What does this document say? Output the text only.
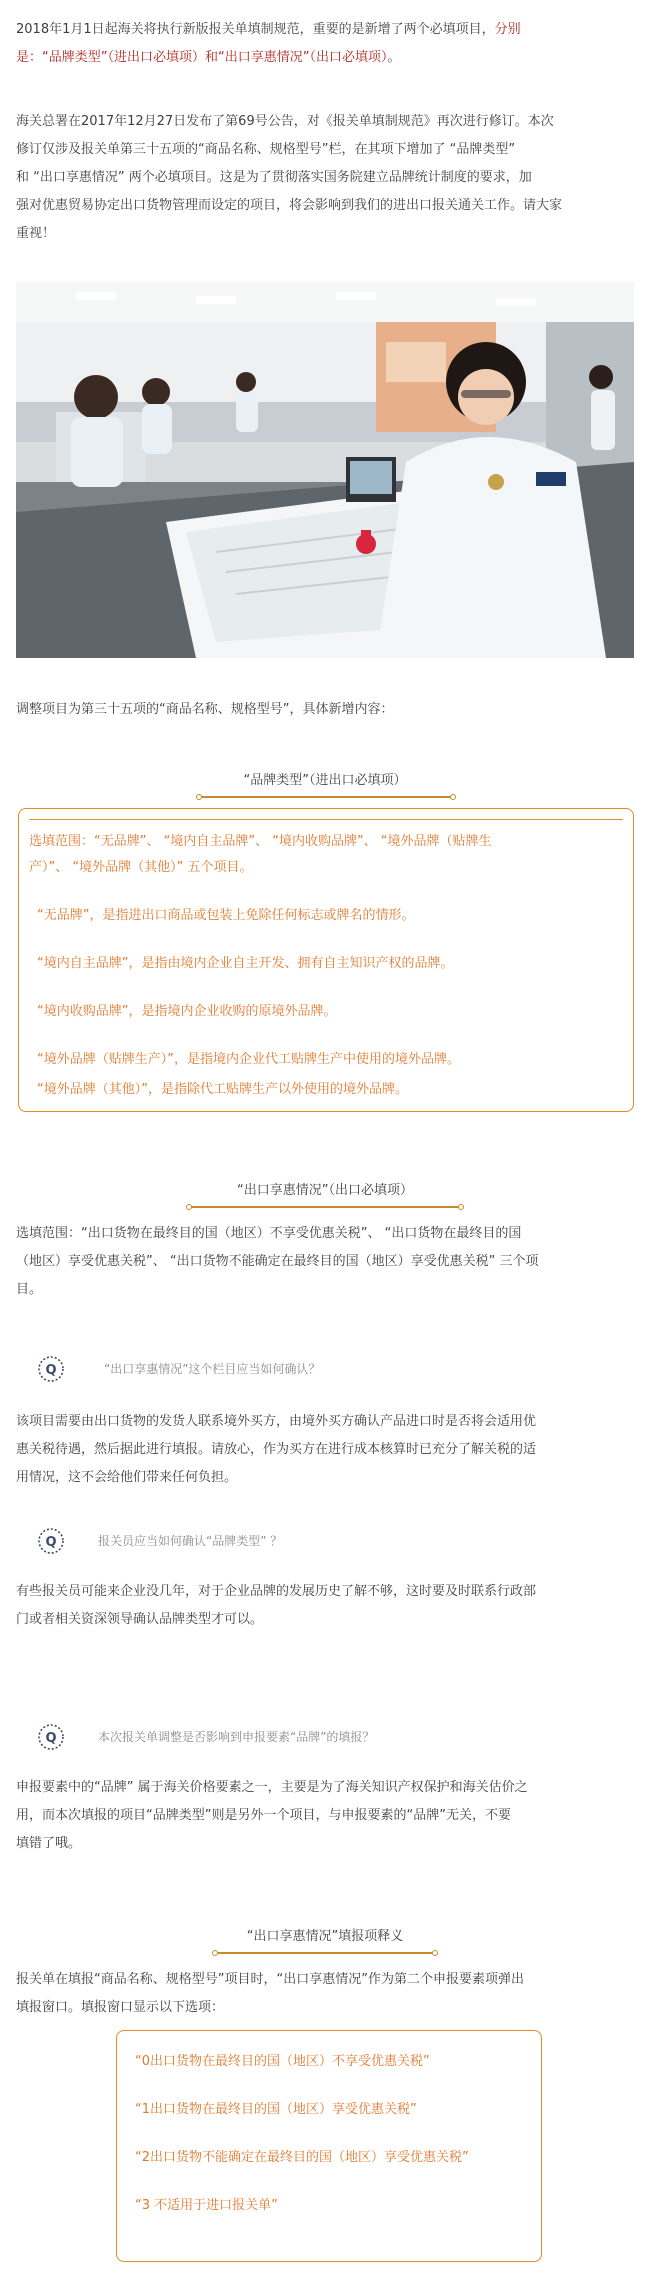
2018年1月1日起海关将执行新版报关单填制规范，重要的是新增了两个必填项目，分别
是：“品牌类型”（进出口必填项）和“出口享惠情况”（出口必填项）。
海关总署在2017年12月27日发布了第69号公告，对《报关单填制规范》再次进行修订。本次
修订仅涉及报关单第三十五项的“商品名称、规格型号”栏，在其项下增加了 “品牌类型”
和 “出口享惠情况” 两个必填项目。这是为了贯彻落实国务院建立品牌统计制度的要求，加
强对优惠贸易协定出口货物管理而设定的项目，将会影响到我们的进出口报关通关工作。请大家
重视！
调整项目为第三十五项的“商品名称、规格型号”，具体新增内容：
“品牌类型”（进出口必填项）
选填范围：“无品牌”、 “境内自主品牌”、 “境内收购品牌”、 “境外品牌（贴牌生
产）”、 “境外品牌（其他）” 五个项目。
“无品牌”，是指进出口商品或包装上免除任何标志或牌名的情形。
“境内自主品牌”，是指由境内企业自主开发、拥有自主知识产权的品牌。
“境内收购品牌”，是指境内企业收购的原境外品牌。
“境外品牌（贴牌生产）”，是指境内企业代工贴牌生产中使用的境外品牌。
“境外品牌（其他）”，是指除代工贴牌生产以外使用的境外品牌。
“出口享惠情况”（出口必填项）
选填范围：“出口货物在最终目的国（地区）不享受优惠关税”、 “出口货物在最终目的国
（地区）享受优惠关税”、 “出口货物不能确定在最终目的国（地区）享受优惠关税” 三个项
目。
Q	“出口享惠情况”这个栏目应当如何确认？
该项目需要由出口货物的发货人联系境外买方，由境外买方确认产品进口时是否将会适用优
惠关税待遇，然后据此进行填报。请放心，作为买方在进行成本核算时已充分了解关税的适
用情况，这不会给他们带来任何负担。
Q	报关员应当如何确认“品牌类型” ？
有些报关员可能来企业没几年，对于企业品牌的发展历史了解不够，这时要及时联系行政部
门或者相关资深领导确认品牌类型才可以。
Q	本次报关单调整是否影响到申报要素“品牌”的填报？
申报要素中的“品牌” 属于海关价格要素之一，主要是为了海关知识产权保护和海关估价之
用，而本次填报的项目“品牌类型”则是另外一个项目，与申报要素的“品牌”无关，不要
填错了哦。
“出口享惠情况”填报项释义
报关单在填报“商品名称、规格型号”项目时，“出口享惠情况”作为第二个申报要素项弹出
填报窗口。填报窗口显示以下选项：
“0出口货物在最终目的国（地区）不享受优惠关税”
“1出口货物在最终目的国（地区）享受优惠关税”
“2出口货物不能确定在最终目的国（地区）享受优惠关税”
“3 不适用于进口报关单”
